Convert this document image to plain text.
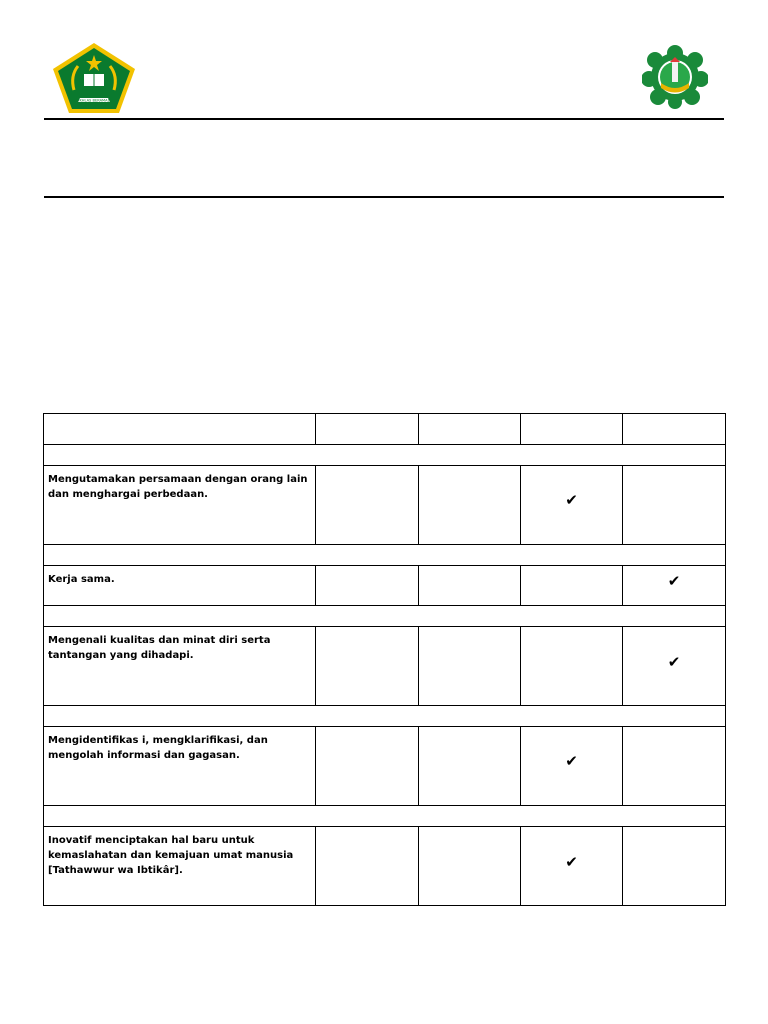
IKHLAS BERAMAL

Mengutamakan persamaan dengan orang lain dan menghargai perbedaan.			✔	

Kerja sama.				✔

Mengenali kualitas dan minat diri serta tantangan yang dihadapi.				✔

Mengidentifikas i, mengklarifikasi, dan mengolah informasi dan gagasan.			✔	

Inovatif menciptakan hal baru untuk kemaslahatan dan kemajuan umat manusia [Tathawwur wa Ibtikâr].			✔	
